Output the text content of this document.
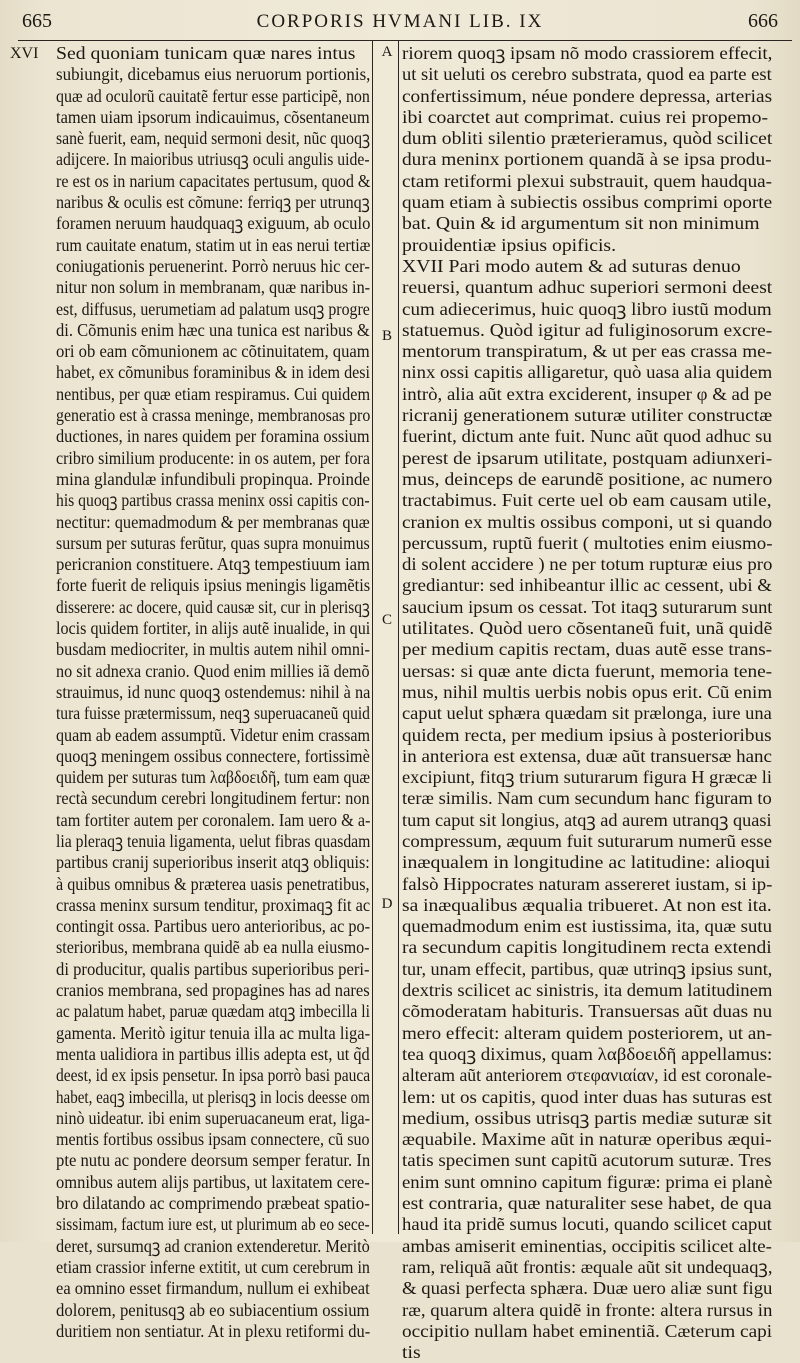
665	CORPORIS HVMANI LIB. IX	666
XVI	A
B
C
D
Sed quoniam tunicam quæ nares intus
subiungit, dicebamus eius neruorum portionis,
quæ ad oculorũ cauitatẽ fertur esse participẽ, non
tamen uiam ipsorum indicauimus, cõsentaneum
sanè fuerit, eam, nequid sermoni desit, nũc quoqꝫ
adijcere. In maioribus utriusqꝫ oculi angulis uide-
re est os in narium capacitates pertusum, quod &
naribus & oculis est cõmune: ferriqꝫ per utrunqꝫ
foramen neruum haudquaqꝫ exiguum, ab oculo
rum cauitate enatum, statim ut in eas nerui tertiæ
coniugationis peruenerint. Porrò neruus hic cer-
nitur non solum in membranam, quæ naribus in-
est, diffusus, uerumetiam ad palatum usqꝫ progre
di. Cõmunis enim hæc una tunica est naribus &
ori ob eam cõmunionem ac cõtinuitatem, quam
habet, ex cõmunibus foraminibus & in idem desi
nentibus, per quæ etiam respiramus. Cui quidem
generatio est à crassa meninge, membranosas pro
ductiones, in nares quidem per foramina ossium
cribro similium producente: in os autem, per fora
mina glandulæ infundibuli propinqua. Proinde
his quoqꝫ partibus crassa meninx ossi capitis con-
nectitur: quemadmodum & per membranas quæ
sursum per suturas ferũtur, quas supra monuimus
pericranion constituere. Atqꝫ tempestiuum iam
forte fuerit de reliquis ipsius meningis ligamẽtis
disserere: ac docere, quid causæ sit, cur in plerisqꝫ
locis quidem fortiter, in alijs autẽ inualide, in qui
busdam mediocriter, in multis autem nihil omni-
no sit adnexa cranio. Quod enim millies iã demõ
strauimus, id nunc quoqꝫ ostendemus: nihil à na
tura fuisse prætermissum, neqꝫ superuacaneũ quid
quam ab eadem assumptũ. Videtur enim crassam
quoqꝫ meningem ossibus connectere, fortissimè
quidem per suturas tum λαβδοειδῆ, tum eam quæ
rectà secundum cerebri longitudinem fertur: non
tam fortiter autem per coronalem. Iam uero & a-
lia pleraqꝫ tenuia ligamenta, uelut fibras quasdam
partibus cranij superioribus inserit atqꝫ obliquis:
à quibus omnibus & præterea uasis penetratibus,
crassa meninx sursum tenditur, proximaqꝫ fit ac
contingit ossa. Partibus uero anterioribus, ac po-
sterioribus, membrana quidẽ ab ea nulla eiusmo-
di producitur, qualis partibus superioribus peri-
cranios membrana, sed propagines has ad nares
ac palatum habet, paruæ quædam atqꝫ imbecilla li
gamenta. Meritò igitur tenuia illa ac multa liga-
menta ualidiora in partibus illis adepta est, ut q̃d
deest, id ex ipsis pensetur. In ipsa porrò basi pauca
habet, eaqꝫ imbecilla, ut plerisqꝫ in locis deesse om
ninò uideatur. ibi enim superuacaneum erat, liga-
mentis fortibus ossibus ipsam connectere, cũ suo
pte nutu ac pondere deorsum semper feratur. In
omnibus autem alijs partibus, ut laxitatem cere-
bro dilatando ac comprimendo præbeat spatio-
sissimam, factum iure est, ut plurimum ab eo sece-
deret, sursumqꝫ ad cranion extenderetur. Meritò
etiam crassior inferne extitit, ut cum cerebrum in
ea omnino esset firmandum, nullum ei exhibeat
dolorem, penitusqꝫ ab eo subiacentium ossium
duritiem non sentiatur. At in plexu retiformi du-
riorem quoqꝫ ipsam nõ modo crassiorem effecit,
ut sit ueluti os cerebro substrata, quod ea parte est
confertissimum, néue pondere depressa, arterias
ibi coarctet aut comprimat. cuius rei propemo-
dum obliti silentio præterieramus, quòd scilicet
dura meninx portionem quandã à se ipsa produ-
ctam retiformi plexui substrauit, quem haudqua-
quam etiam à subiectis ossibus comprimi oporte
bat. Quin & id argumentum sit non minimum
prouidentiæ ipsius opificis.
XVII Pari modo autem & ad suturas denuo
reuersi, quantum adhuc superiori sermoni deest
cum adiecerimus, huic quoqꝫ libro iustũ modum
statuemus. Quòd igitur ad fuliginosorum excre-
mentorum transpiratum, & ut per eas crassa me-
ninx ossi capitis alligaretur, quò uasa alia quidem
intrò, alia aũt extra exciderent, insuper φ & ad pe
ricranij generationem suturæ utiliter constructæ
fuerint, dictum ante fuit. Nunc aũt quod adhuc su
perest de ipsarum utilitate, postquam adiunxeri-
mus, deinceps de earundẽ positione, ac numero
tractabimus. Fuit certe uel ob eam causam utile,
cranion ex multis ossibus componi, ut si quando
percussum, ruptũ fuerit ( multoties enim eiusmo-
di solent accidere ) ne per totum rupturæ eius pro
grediantur: sed inhibeantur illic ac cessent, ubi &
saucium ipsum os cessat. Tot itaqꝫ suturarum sunt
utilitates. Quòd uero cõsentaneũ fuit, unã quidẽ
per medium capitis rectam, duas autẽ esse trans-
uersas: si quæ ante dicta fuerunt, memoria tene-
mus, nihil multis uerbis nobis opus erit. Cũ enim
caput uelut sphæra quædam sit prælonga, iure una
quidem recta, per medium ipsius à posterioribus
in anteriora est extensa, duæ aũt transuersæ hanc
excipiunt, fitqꝫ trium suturarum figura H græcæ li
teræ similis. Nam cum secundum hanc figuram to
tum caput sit longius, atqꝫ ad aurem utranqꝫ quasi
compressum, æquum fuit suturarum numerũ esse
inæqualem in longitudine ac latitudine: alioqui
falsò Hippocrates naturam assereret iustam, si ip-
sa inæqualibus æqualia tribueret. At non est ita.
quemadmodum enim est iustissima, ita, quæ sutu
ra secundum capitis longitudinem recta extendi
tur, unam effecit, partibus, quæ utrinqꝫ ipsius sunt,
dextris scilicet ac sinistris, ita demum latitudinem
cõmoderatam habituris. Transuersas aũt duas nu
mero effecit: alteram quidem posteriorem, ut an-
tea quoqꝫ diximus, quam λαβδοειδῆ appellamus:
alteram aũt anteriorem στεφανιαίαν, id est coronale-
lem: ut os capitis, quod inter duas has suturas est
medium, ossibus utrisqꝫ partis mediæ suturæ sit
æquabile. Maxime aũt in naturæ operibus æqui-
tatis specimen sunt capitũ acutorum suturæ. Tres
enim sunt omnino capitum figuræ: prima ei planè
est contraria, quæ naturaliter sese habet, de qua
haud ita pridẽ sumus locuti, quando scilicet caput
ambas amiserit eminentias, occipitis scilicet alte-
ram, reliquã aũt frontis: æquale aũt sit undequaqꝫ,
& quasi perfecta sphæra. Duæ uero aliæ sunt figu
ræ, quarum altera quidẽ in fronte: altera rursus in
occipitio nullam habet eminentiã. Cæterum capi
tis
